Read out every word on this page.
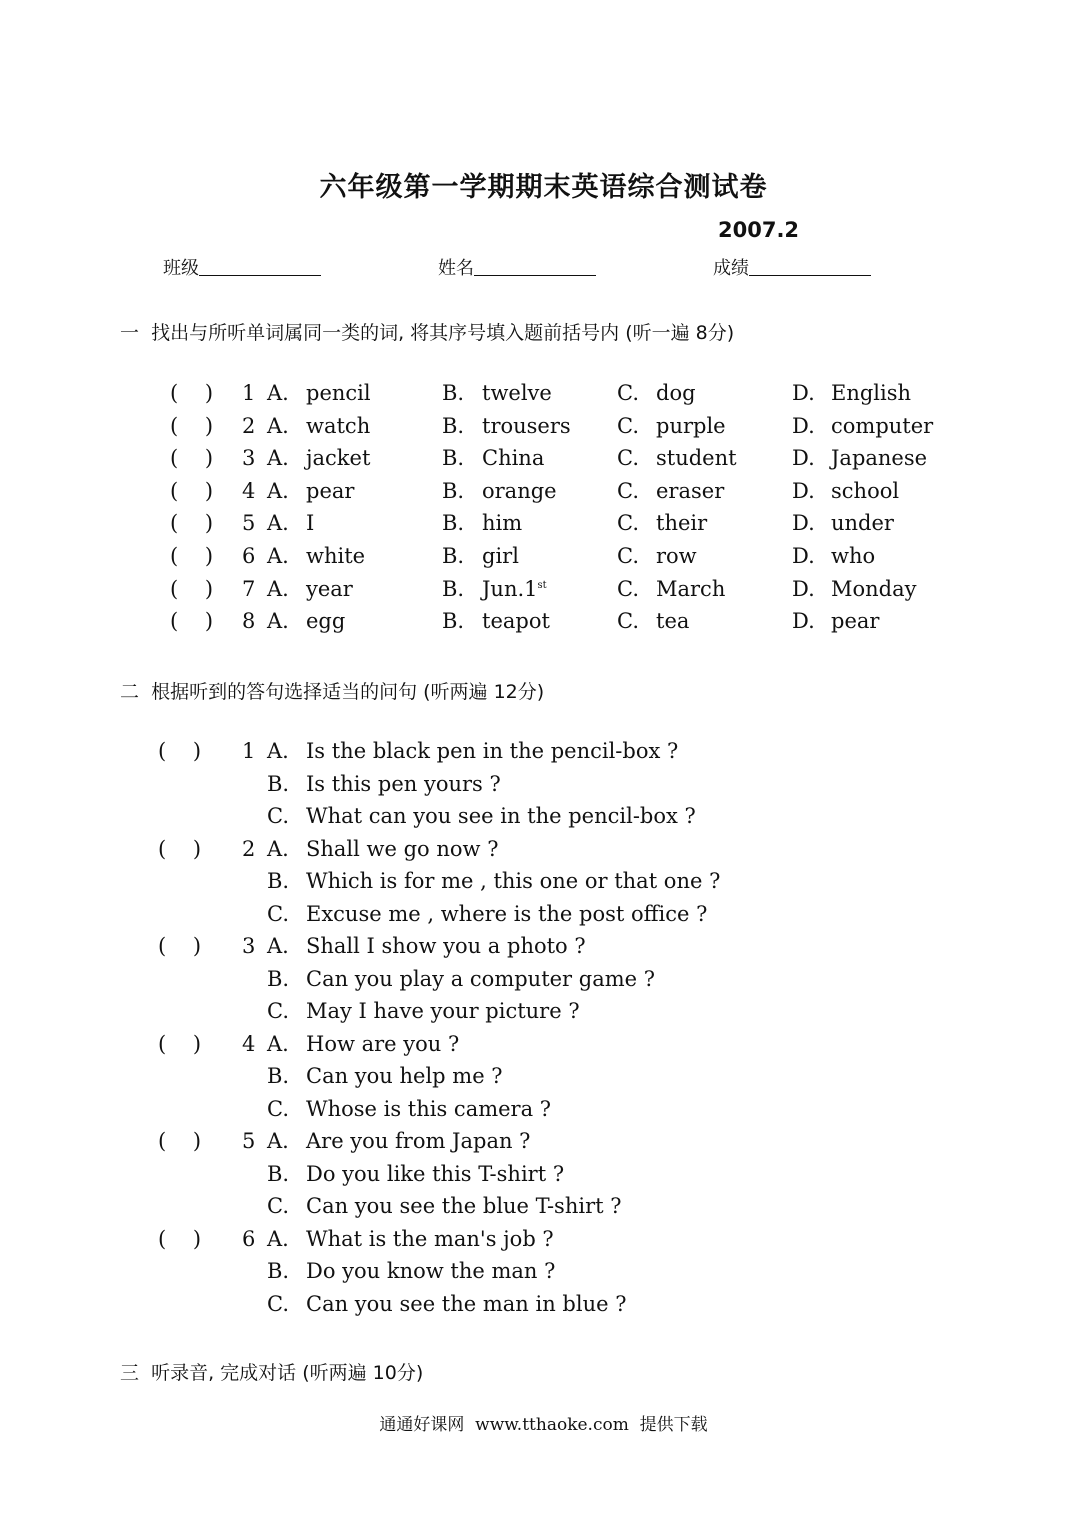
六年级第一学期期末英语综合测试卷
2007.2
班级	姓名	成绩
一  找出与所听单词属同一类的词, 将其序号填入题前括号内 (听一遍 8分)
(    ) 1 A. pencil	B. twelve	C. dog	D. English
(    ) 2 A. watch	B. trousers C. purple	D. computer
(    ) 3 A. jacket	B. China	C. student	D. Japanese
(    ) 4 A. pear	B. orange	C. eraser	D. school
(    ) 5 A. I	B. him	C. their	D. under
(    ) 6 A. white	B. girl	C. row	D. who
(    ) 7 A. year	B. Jun.1st	C. March	D. Monday
(    ) 8 A. egg	B. teapot	C. tea	D. pear
二  根据听到的答句选择适当的问句 (听两遍 12分)
(    ) 1 A. Is the black pen in the pencil-box ?
B. Is this pen yours ?
C. What can you see in the pencil-box ?
(    ) 2 A. Shall we go now ?
B. Which is for me , this one or that one ?
C. Excuse me , where is the post office ?
(    ) 3 A. Shall I show you a photo ?
B. Can you play a computer game ?
C. May I have your picture ?
(    ) 4 A. How are you ?
B. Can you help me ?
C. Whose is this camera ?
(    ) 5 A. Are you from Japan ?
B. Do you like this T-shirt ?
C. Can you see the blue T-shirt ?
(    ) 6 A. What is the man's job ?
B. Do you know the man ?
C. Can you see the man in blue ?
三  听录音, 完成对话 (听两遍 10分)
通通好课网  www.tthaoke.com  提供下载
